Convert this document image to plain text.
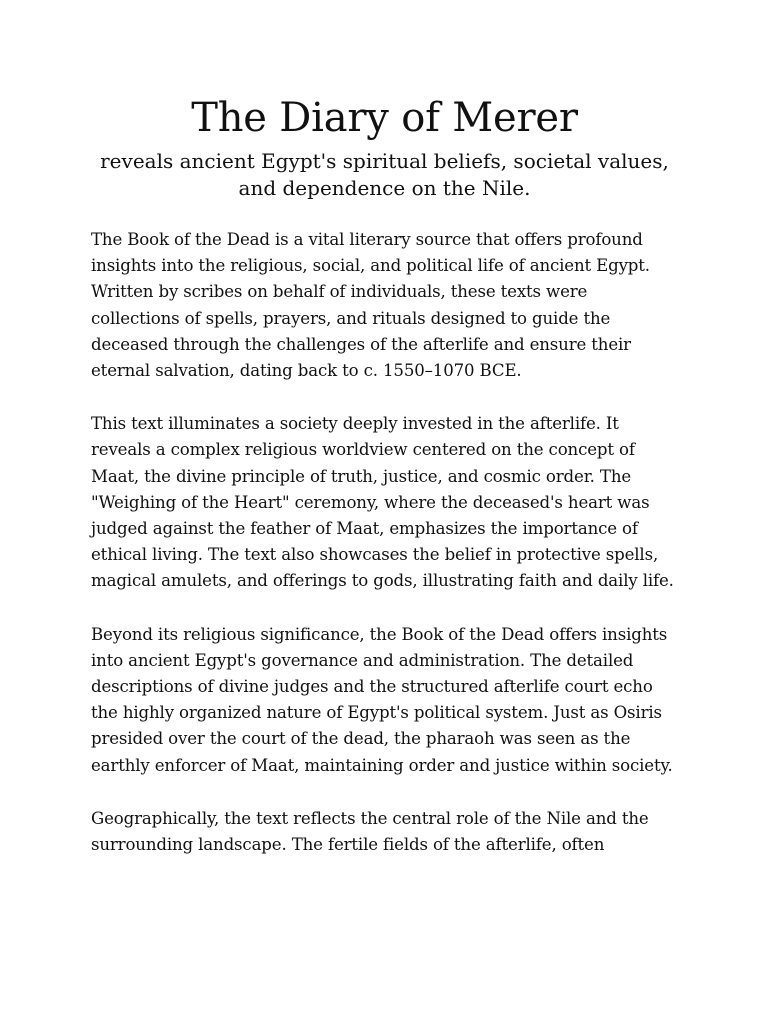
The Diary of Merer

reveals ancient Egypt's spiritual beliefs, societal values, and dependence on the Nile.

The Book of the Dead is a vital literary source that offers profound insights into the religious, social, and political life of ancient Egypt. Written by scribes on behalf of individuals, these texts were collections of spells, prayers, and rituals designed to guide the deceased through the challenges of the afterlife and ensure their eternal salvation, dating back to c. 1550–1070 BCE.

This text illuminates a society deeply invested in the afterlife. It reveals a complex religious worldview centered on the concept of Maat, the divine principle of truth, justice, and cosmic order. The "Weighing of the Heart" ceremony, where the deceased's heart was judged against the feather of Maat, emphasizes the importance of ethical living. The text also showcases the belief in protective spells, magical amulets, and offerings to gods, illustrating faith and daily life.

Beyond its religious significance, the Book of the Dead offers insights into ancient Egypt's governance and administration. The detailed descriptions of divine judges and the structured afterlife court echo the highly organized nature of Egypt's political system. Just as Osiris presided over the court of the dead, the pharaoh was seen as the earthly enforcer of Maat, maintaining order and justice within society.

Geographically, the text reflects the central role of the Nile and the surrounding landscape. The fertile fields of the afterlife, often
